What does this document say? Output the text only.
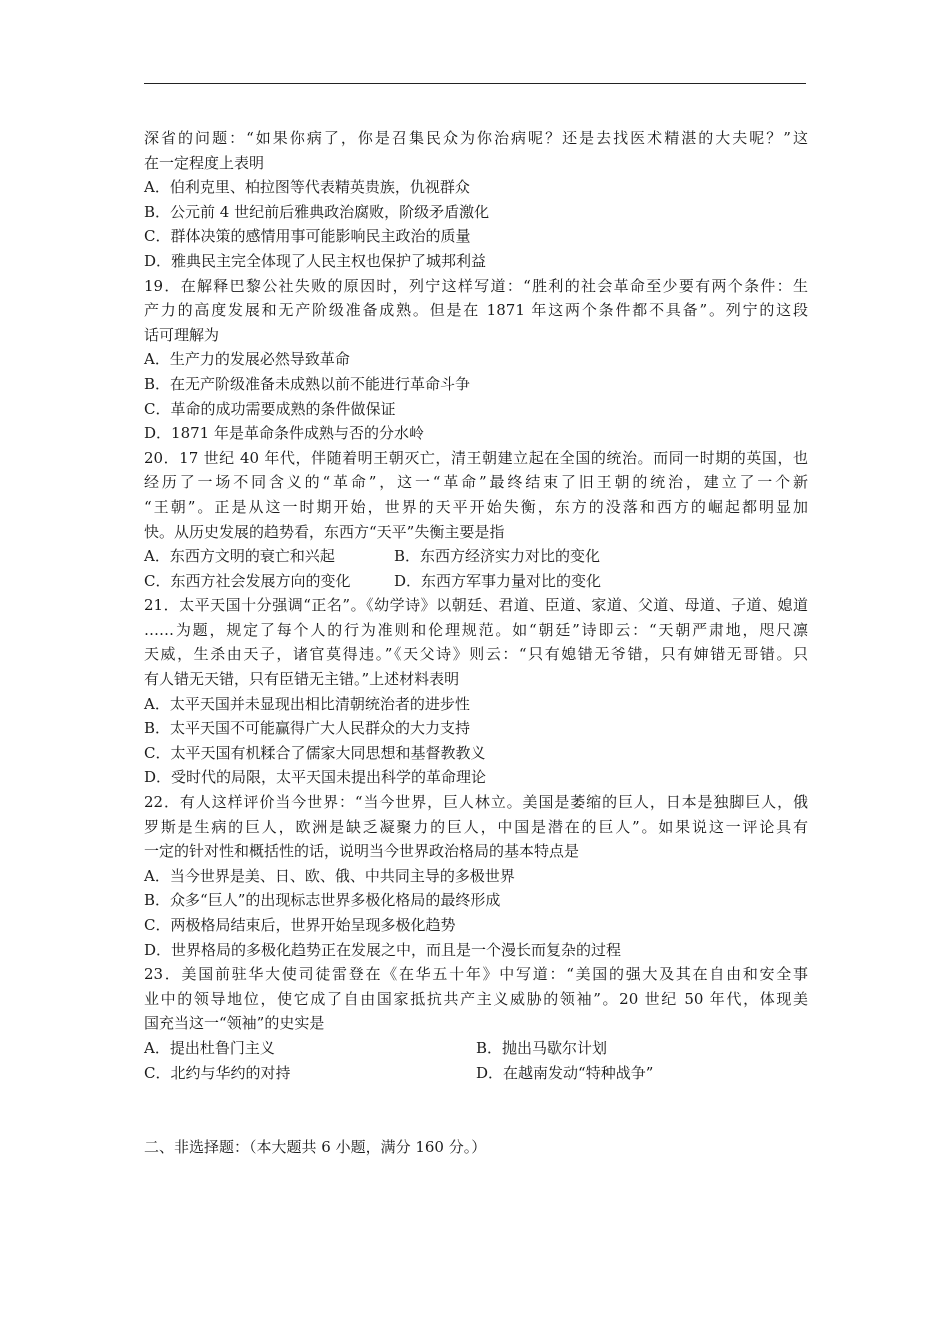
深省的问题：“如果你病了，你是召集民众为你治病呢？还是去找医术精湛的大夫呢？”这
在一定程度上表明
A．伯利克里、柏拉图等代表精英贵族，仇视群众
B．公元前 4 世纪前后雅典政治腐败，阶级矛盾激化
C．群体决策的感情用事可能影响民主政治的质量
D．雅典民主完全体现了人民主权也保护了城邦利益
19．在解释巴黎公社失败的原因时，列宁这样写道：“胜利的社会革命至少要有两个条件：生
产力的高度发展和无产阶级准备成熟。但是在 1871 年这两个条件都不具备”。列宁的这段
话可理解为
A．生产力的发展必然导致革命
B．在无产阶级准备未成熟以前不能进行革命斗争
C．革命的成功需要成熟的条件做保证
D．1871 年是革命条件成熟与否的分水岭
20．17 世纪 40 年代，伴随着明王朝灭亡，清王朝建立起在全国的统治。而同一时期的英国，也
经历了一场不同含义的“革命”，这一“革命”最终结束了旧王朝的统治，建立了一个新
“王朝”。正是从这一时期开始，世界的天平开始失衡，东方的没落和西方的崛起都明显加
快。从历史发展的趋势看，东西方“天平”失衡主要是指
A．东西方文明的衰亡和兴起	B．东西方经济实力对比的变化
C．东西方社会发展方向的变化	D．东西方军事力量对比的变化
21．太平天国十分强调“正名”。《幼学诗》以朝廷、君道、臣道、家道、父道、母道、子道、媳道
……为题，规定了每个人的行为准则和伦理规范。如“朝廷”诗即云：“天朝严肃地，咫尺凛
天威，生杀由天子，诸官莫得违。”《天父诗》则云：“只有媳错无爷错，只有婶错无哥错。只
有人错无天错，只有臣错无主错。”上述材料表明
A．太平天国并未显现出相比清朝统治者的进步性
B．太平天国不可能赢得广大人民群众的大力支持
C．太平天国有机糅合了儒家大同思想和基督教教义
D．受时代的局限，太平天国未提出科学的革命理论
22．有人这样评价当今世界：“当今世界，巨人林立。美国是萎缩的巨人，日本是独脚巨人，俄
罗斯是生病的巨人，欧洲是缺乏凝聚力的巨人，中国是潜在的巨人”。如果说这一评论具有
一定的针对性和概括性的话，说明当今世界政治格局的基本特点是
A．当今世界是美、日、欧、俄、中共同主导的多极世界
B．众多“巨人”的出现标志世界多极化格局的最终形成
C．两极格局结束后，世界开始呈现多极化趋势
D．世界格局的多极化趋势正在发展之中，而且是一个漫长而复杂的过程
23．美国前驻华大使司徒雷登在《在华五十年》中写道：“美国的强大及其在自由和安全事
业中的领导地位，使它成了自由国家抵抗共产主义威胁的领袖”。20 世纪 50 年代，体现美
国充当这一“领袖”的史实是
A．提出杜鲁门主义	B．抛出马歇尔计划
C．北约与华约的对持	D．在越南发动“特种战争”
二、非选择题：（本大题共 6 小题，满分 160 分。）
